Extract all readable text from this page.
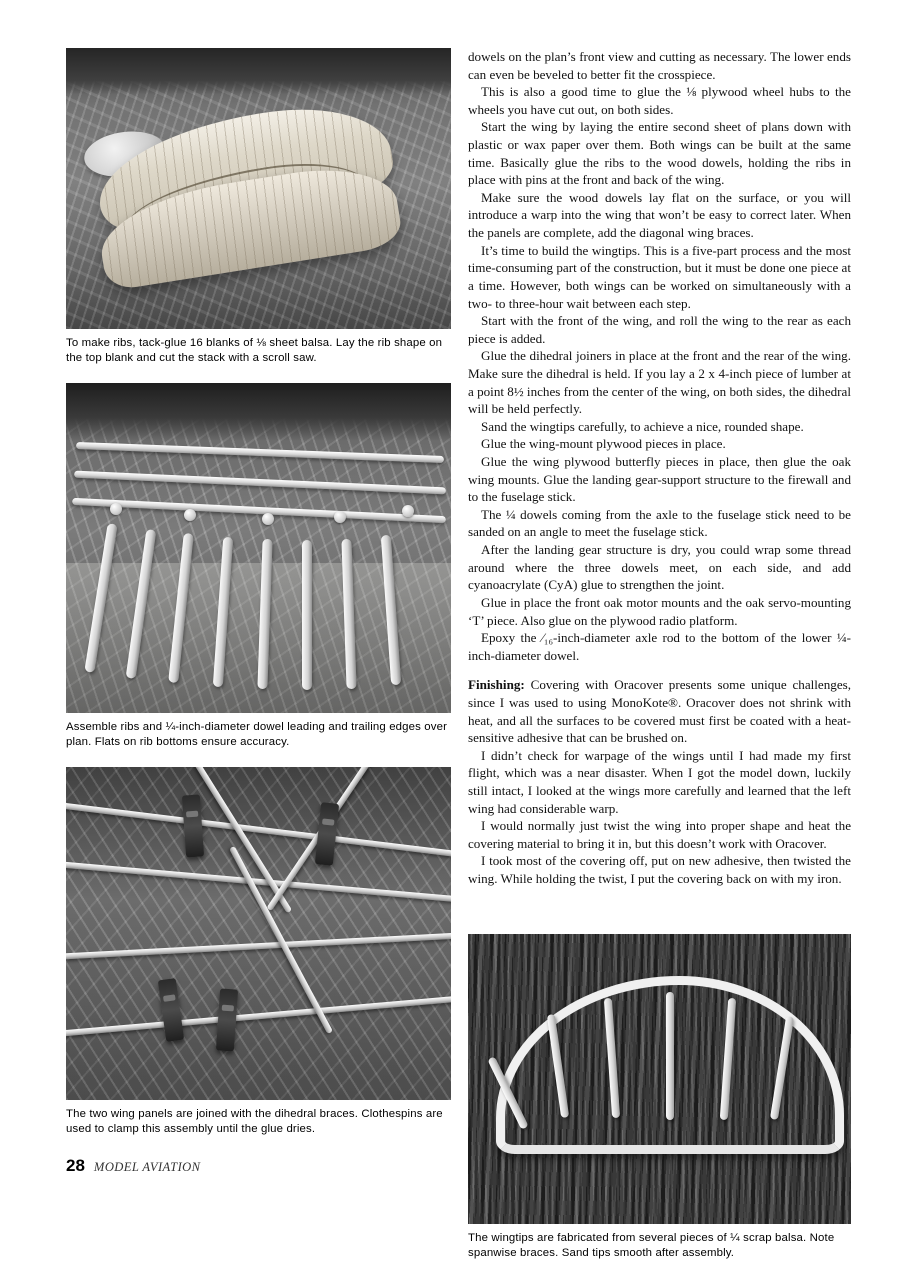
To make ribs, tack-glue 16 blanks of ⅛ sheet balsa. Lay the rib shape on the top blank and cut the stack with a scroll saw.
Assemble ribs and ¼-inch-diameter dowel leading and trailing edges over plan. Flats on rib bottoms ensure accuracy.
The two wing panels are joined with the dihedral braces. Clothespins are used to clamp this assembly until the glue dries.

dowels on the plan’s front view and cutting as necessary. The lower ends can even be beveled to better fit the crosspiece.

This is also a good time to glue the ⅛ plywood wheel hubs to the wheels you have cut out, on both sides.

Start the wing by laying the entire second sheet of plans down with plastic or wax paper over them. Both wings can be built at the same time. Basically glue the ribs to the wood dowels, holding the ribs in place with pins at the front and back of the wing.

Make sure the wood dowels lay flat on the surface, or you will introduce a warp into the wing that won’t be easy to correct later. When the panels are complete, add the diagonal wing braces.

It’s time to build the wingtips. This is a five-part process and the most time-consuming part of the construction, but it must be done one piece at a time. However, both wings can be worked on simultaneously with a two- to three-hour wait between each step.

Start with the front of the wing, and roll the wing to the rear as each piece is added.

Glue the dihedral joiners in place at the front and the rear of the wing. Make sure the dihedral is held. If you lay a 2 x 4-inch piece of lumber at a point 8½ inches from the center of the wing, on both sides, the dihedral will be held perfectly.

Sand the wingtips carefully, to achieve a nice, rounded shape.

Glue the wing-mount plywood pieces in place.

Glue the wing plywood butterfly pieces in place, then glue the oak wing mounts. Glue the landing gear-support structure to the firewall and to the fuselage stick.

The ¼ dowels coming from the axle to the fuselage stick need to be sanded on an angle to meet the fuselage stick.

After the landing gear structure is dry, you could wrap some thread around where the three dowels meet, on each side, and add cyanoacrylate (CyA) glue to strengthen the joint.

Glue in place the front oak motor mounts and the oak servo-mounting ‘T’ piece. Also glue on the plywood radio platform.

Epoxy the ⁄₁₆-inch-diameter axle rod to the bottom of the lower ¼-inch-diameter dowel.

Finishing: Covering with Oracover presents some unique challenges, since I was used to using MonoKote®. Oracover does not shrink with heat, and all the surfaces to be covered must first be coated with a heat-sensitive adhesive that can be brushed on.

I didn’t check for warpage of the wings until I had made my first flight, which was a near disaster. When I got the model down, luckily still intact, I looked at the wings more carefully and learned that the left wing had considerable warp.

I would normally just twist the wing into proper shape and heat the covering material to bring it in, but this doesn’t work with Oracover.

I took most of the covering off, put on new adhesive, then twisted the wing. While holding the twist, I put the covering back on with my iron.

The wingtips are fabricated from several pieces of ¼ scrap balsa. Note spanwise braces. Sand tips smooth after assembly.
28 MODEL AVIATION
